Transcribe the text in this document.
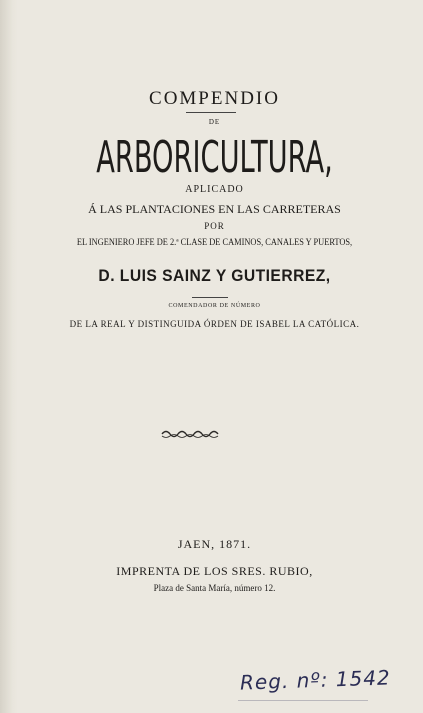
COMPENDIO
DE
ARBORICULTURA,
APLICADO
Á LAS PLANTACIONES EN LAS CARRETERAS
POR
EL INGENIERO JEFE DE 2.ª CLASE DE CAMINOS, CANALES Y PUERTOS,
D. LUIS SAINZ Y GUTIERREZ,
COMENDADOR DE NÚMERO
DE LA REAL Y DISTINGUIDA ÓRDEN DE ISABEL LA CATÓLICA.
JAEN, 1871.
IMPRENTA DE LOS SRES. RUBIO,
Plaza de Santa María, número 12.
Reg. nº: 1542
